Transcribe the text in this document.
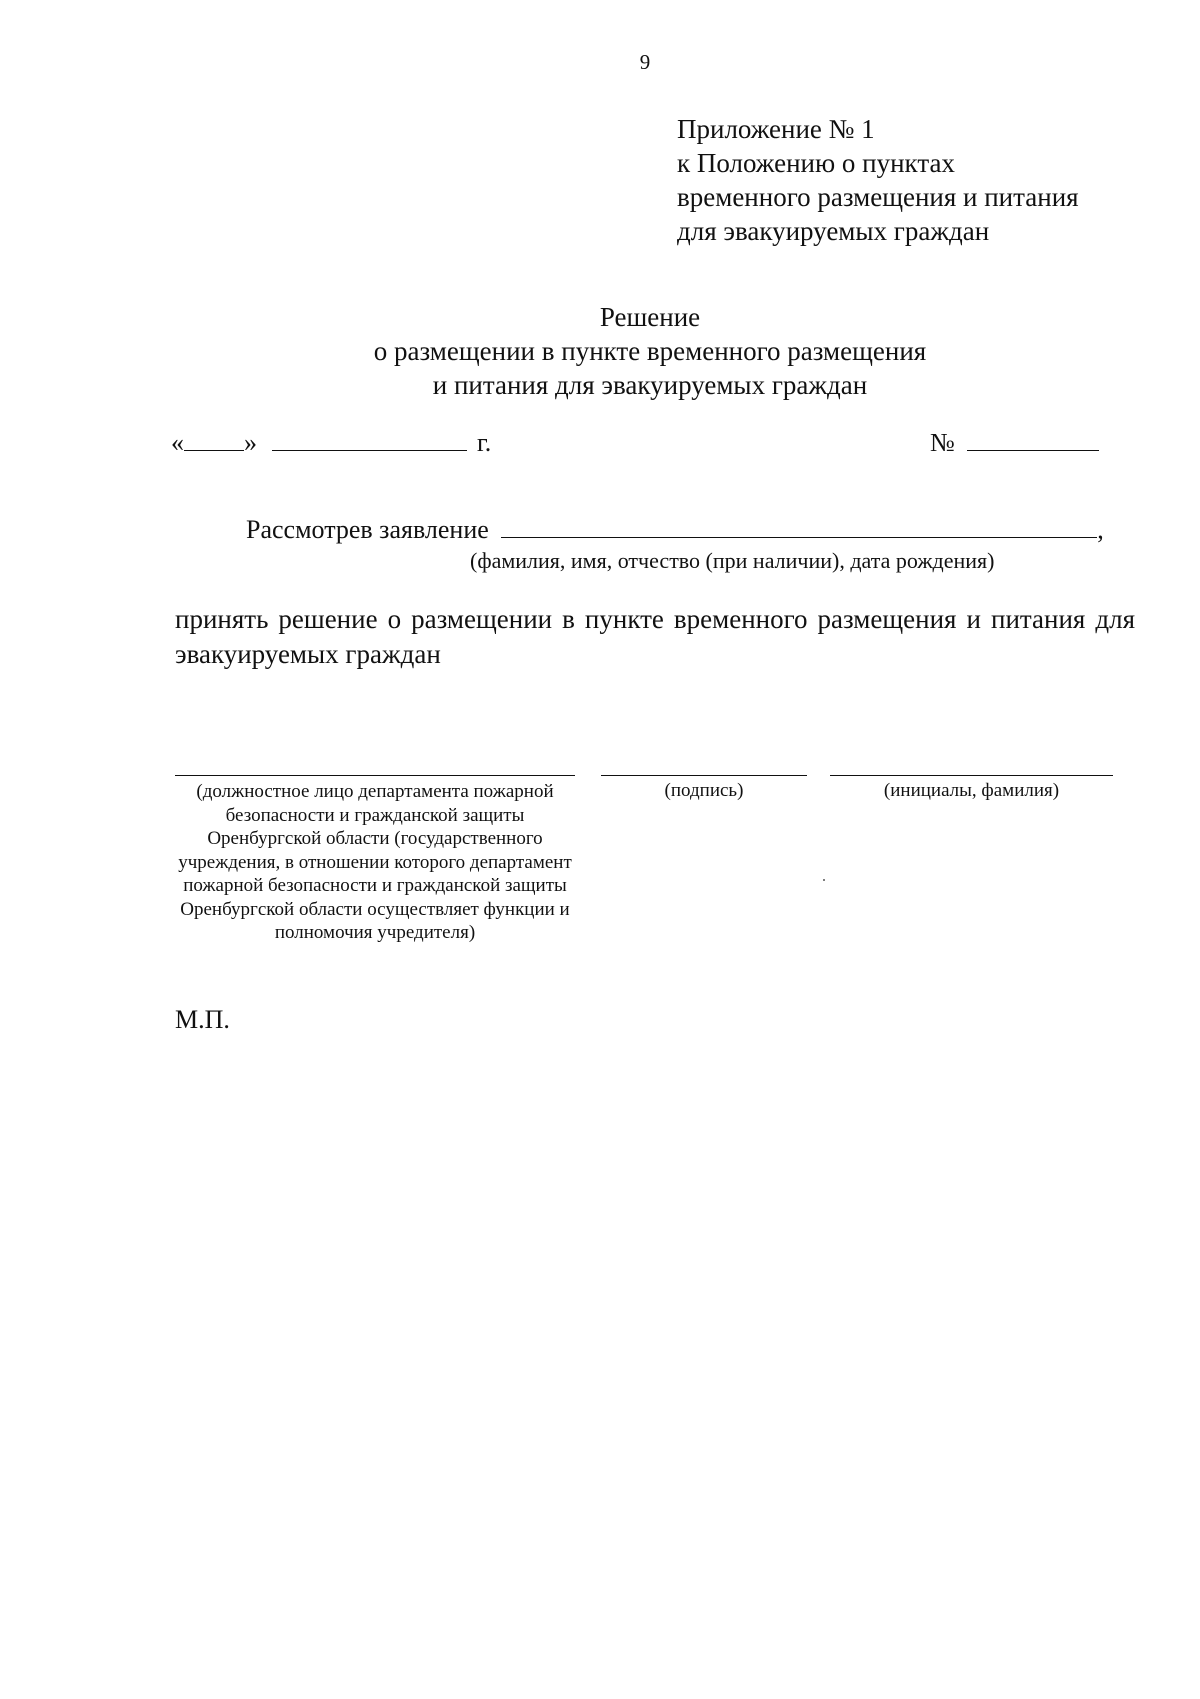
9
Приложение № 1
к Положению о пунктах
временного размещения и питания
для эвакуируемых граждан
Решение
о размещении в пункте временного размещения
и питания для эвакуируемых граждан
« »	г.	№
Рассмотрев заявление	,
(фамилия, имя, отчество (при наличии), дата рождения)
принять решение о размещении в пункте временного размещения и питания для эвакуируемых граждан
(должностное лицо департамента пожарной безопасности и гражданской защиты Оренбургской области (государственного учреждения, в отношении которого департамент пожарной безопасности и гражданской защиты Оренбургской области осуществляет функции и полномочия учредителя)
(подпись)	(инициалы, фамилия)
М.П.
